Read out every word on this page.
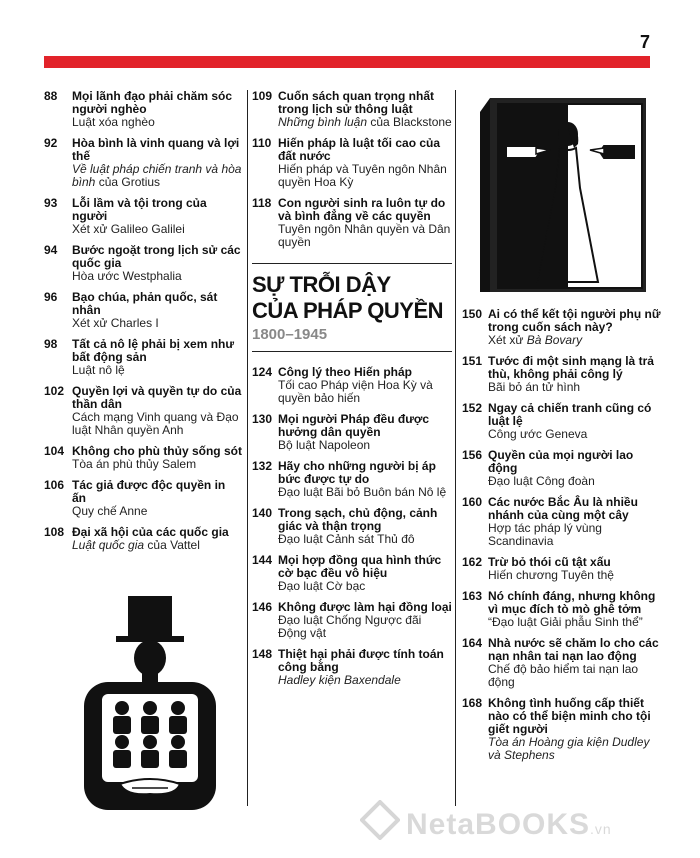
7
88 Mọi lãnh đạo phải chăm sóc người nghèo
Luật xóa nghèo
92 Hòa bình là vinh quang và lợi thế
Về luật pháp chiến tranh và hòa bình của Grotius
93 Lỗi lầm và tội trong của người
Xét xử Galileo Galilei
94 Bước ngoặt trong lịch sử các quốc gia
Hòa ước Westphalia
96 Bạo chúa, phản quốc, sát nhân
Xét xử Charles I
98 Tất cả nô lệ phải bị xem như bất động sản
Luật nô lệ
102 Quyền lợi và quyền tự do của thần dân
Cách mạng Vinh quang và Đạo luật Nhân quyền Anh
104 Không cho phù thủy sống sót
Tòa án phù thủy Salem
106 Tác giả được độc quyền in ấn
Quy chế Anne
108 Đại xã hội của các quốc gia
Luật quốc gia của Vattel
109 Cuốn sách quan trọng nhất trong lịch sử thông luật
Những bình luận của Blackstone
110 Hiến pháp là luật tối cao của đất nước
Hiến pháp và Tuyên ngôn Nhân quyền Hoa Kỳ
118 Con người sinh ra luôn tự do và bình đẳng về các quyền
Tuyên ngôn Nhân quyền và Dân quyền
SỰ TRỖI DẬY
CỦA PHÁP QUYỀN
1800–1945
124 Công lý theo Hiến pháp
Tối cao Pháp viện Hoa Kỳ và quyền bảo hiến
130 Mọi người Pháp đều được hưởng dân quyền
Bộ luật Napoleon
132 Hãy cho những người bị áp bức được tự do
Đạo luật Bãi bỏ Buôn bán Nô lệ
140 Trong sạch, chủ động, cảnh giác và thận trọng
Đạo luật Cảnh sát Thủ đô
144 Mọi hợp đồng qua hình thức cờ bạc đều vô hiệu
Đạo luật Cờ bạc
146 Không được làm hại đồng loại
Đạo luật Chống Ngược đãi Động vật
148 Thiệt hại phải được tính toán công bằng
Hadley kiện Baxendale
150 Ai có thể kết tội người phụ nữ trong cuốn sách này?
Xét xử Bà Bovary
151 Tước đi một sinh mạng là trả thù, không phải công lý
Bãi bỏ án tử hình
152 Ngay cả chiến tranh cũng có luật lệ
Công ước Geneva
156 Quyền của mọi người lao động
Đạo luật Công đoàn
160 Các nước Bắc Âu là nhiều nhánh của cùng một cây
Hợp tác pháp lý vùng Scandinavia
162 Trừ bỏ thói cũ tật xấu
Hiến chương Tuyên thệ
163 Nó chính đáng, nhưng không vì mục đích tò mò ghê tởm
“Đạo luật Giải phẫu Sinh thể”
164 Nhà nước sẽ chăm lo cho các nạn nhân tai nạn lao động
Chế độ bảo hiểm tai nạn lao động
168 Không tình huống cấp thiết nào có thể biện minh cho tội giết người
Tòa án Hoàng gia kiện Dudley và Stephens
NetaBOOKS.vn
